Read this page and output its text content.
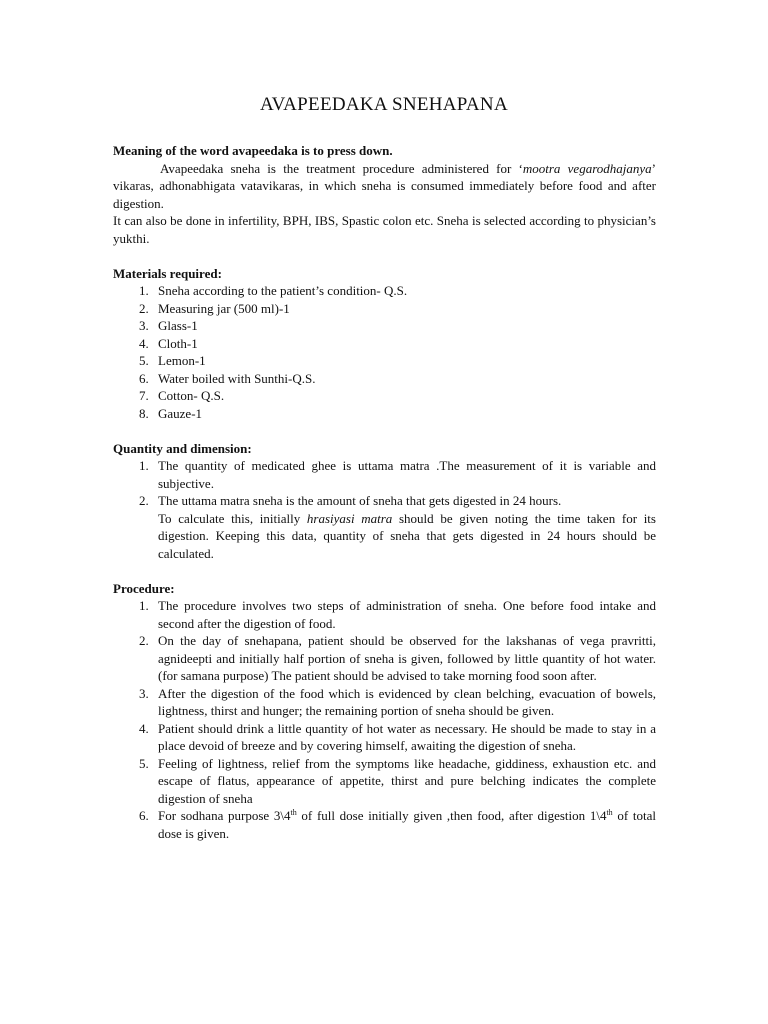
AVAPEEDAKA SNEHAPANA
Meaning of the word avapeedaka is to press down.
Avapeedaka sneha is the treatment procedure administered for ‘mootra vegarodhajanya’ vikaras, adhonabhigata vatavikaras, in which sneha is consumed immediately before food and after digestion.
It can also be done in infertility, BPH, IBS, Spastic colon etc. Sneha is selected according to physician’s yukthi.
Materials required:
1. Sneha according to the patient’s condition- Q.S.
2. Measuring jar (500 ml)-1
3. Glass-1
4. Cloth-1
5. Lemon-1
6. Water boiled with Sunthi-Q.S.
7. Cotton- Q.S.
8. Gauze-1
Quantity and dimension:
1. The quantity of medicated ghee is uttama matra .The measurement of it is variable and subjective.
2. The uttama matra sneha is the amount of sneha that gets digested in 24 hours.
To calculate this, initially hrasiyasi matra should be given noting the time taken for its digestion. Keeping this data, quantity of sneha that gets digested in 24 hours should be calculated.
Procedure:
1. The procedure involves two steps of administration of sneha. One before food intake and second after the digestion of food.
2. On the day of snehapana, patient should be observed for the lakshanas of vega pravritti, agnideepti and initially half portion of sneha is given, followed by little quantity of hot water.(for samana purpose) The patient should be advised to take morning food soon after.
3. After the digestion of the food which is evidenced by clean belching, evacuation of bowels, lightness, thirst and hunger; the remaining portion of sneha should be given.
4. Patient should drink a little quantity of hot water as necessary. He should be made to stay in a place devoid of breeze and by covering himself, awaiting the digestion of sneha.
5. Feeling of lightness, relief from the symptoms like headache, giddiness, exhaustion etc. and escape of flatus, appearance of appetite, thirst and pure belching indicates the complete digestion of sneha
6. For sodhana purpose 3\4th of full dose initially given ,then food, after digestion 1\4th of total dose is given.
